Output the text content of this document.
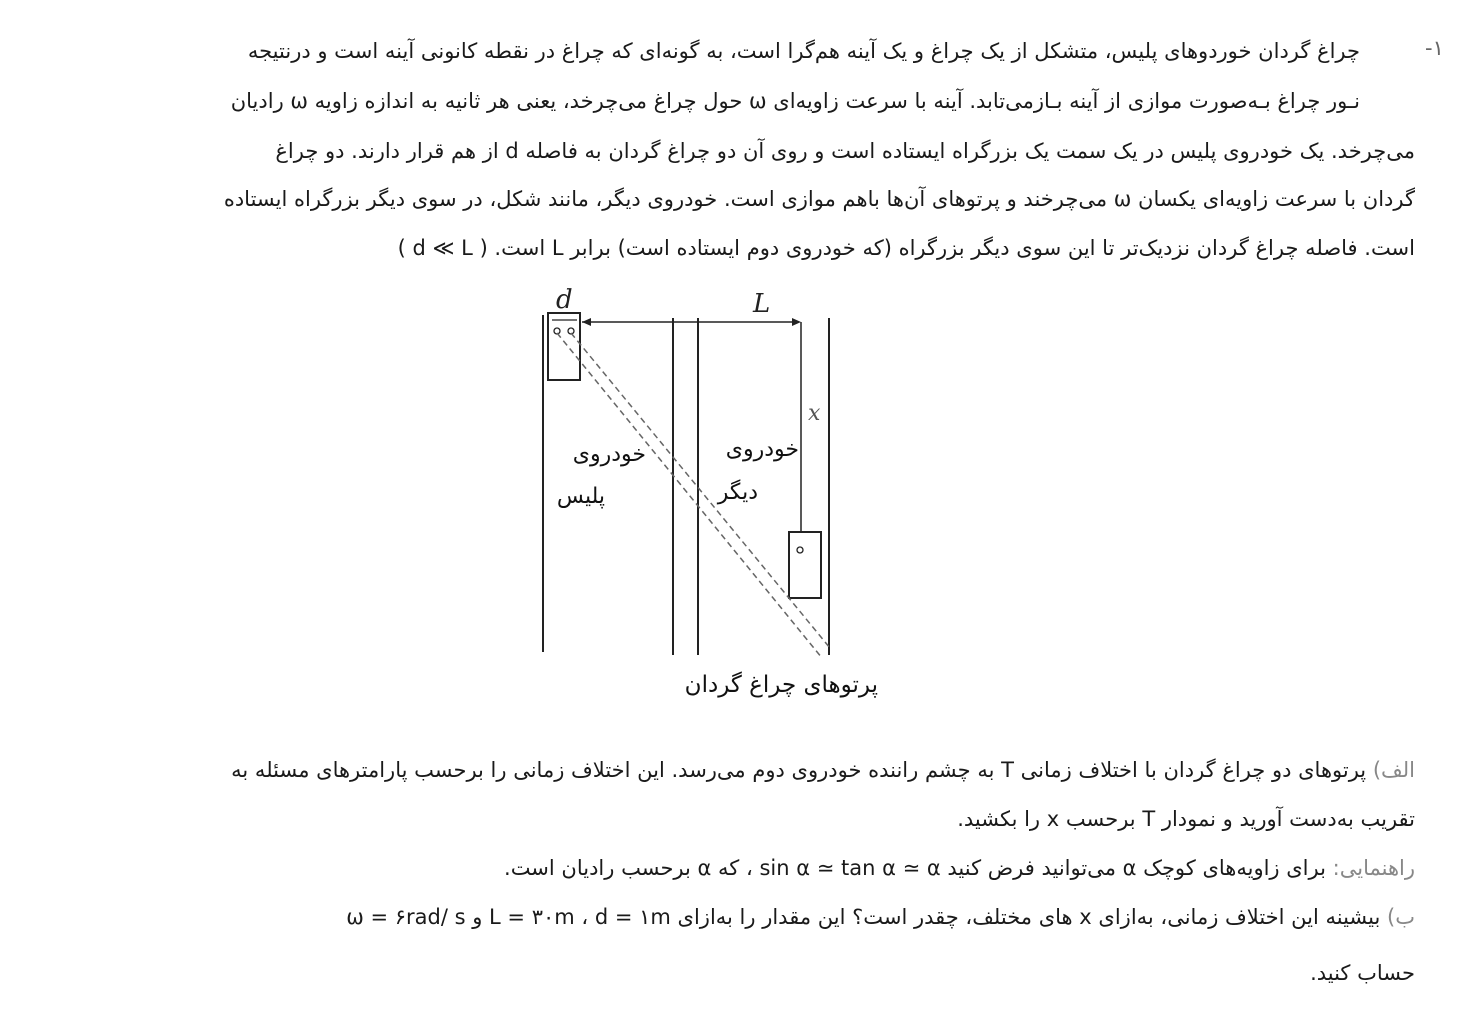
۱-
چراغ گردان خوردوهای پلیس، متشکل از یک چراغ و یک آینه هم‌گرا است، به گونه‌ای که چراغ در نقطه کانونی آینه است و درنتیجه
نـور چراغ بـه‌صورت موازی از آینه بـازمی‌تابد. آینه با سرعت زاویه‌ای ω حول چراغ می‌چرخد، یعنی هر ثانیه به اندازه زاویه ω رادیان
می‌چرخد. یک خودروی پلیس در یک سمت یک بزرگراه ایستاده است و روی آن دو چراغ گردان به فاصله d از هم قرار دارند. دو چراغ
گردان با سرعت زاویه‌ای یکسان ω می‌چرخند و پرتوهای آن‌ها باهم موازی است. خودروی دیگر، مانند شکل، در سوی دیگر بزرگراه ایستاده
است. فاصله چراغ گردان نزدیک‌تر تا این سوی دیگر بزرگراه (که خودروی دوم ایستاده است) برابر L است. ( d ≪ L )
d	L
x
خودروی
پلیس
خودروی
دیگر
پرتوهای چراغ گردان
الف) پرتوهای دو چراغ گردان با اختلاف زمانی T به چشم راننده خودروی دوم می‌رسد. این اختلاف زمانی را برحسب پارامترهای مسئله به
تقریب به‌دست آورید و نمودار T برحسب x را بکشید.
راهنمایی: برای زاویه‌های کوچک α می‌توانید فرض کنید sin α ≃ tan α ≃ α ، که α برحسب رادیان است.
ب) بیشینه این اختلاف زمانی، به‌ازای x های مختلف، چقدر است؟ این مقدار را به‌ازای L = ۳۰m ، d = ۱m و ω = ۶rad/ s
حساب کنید.
